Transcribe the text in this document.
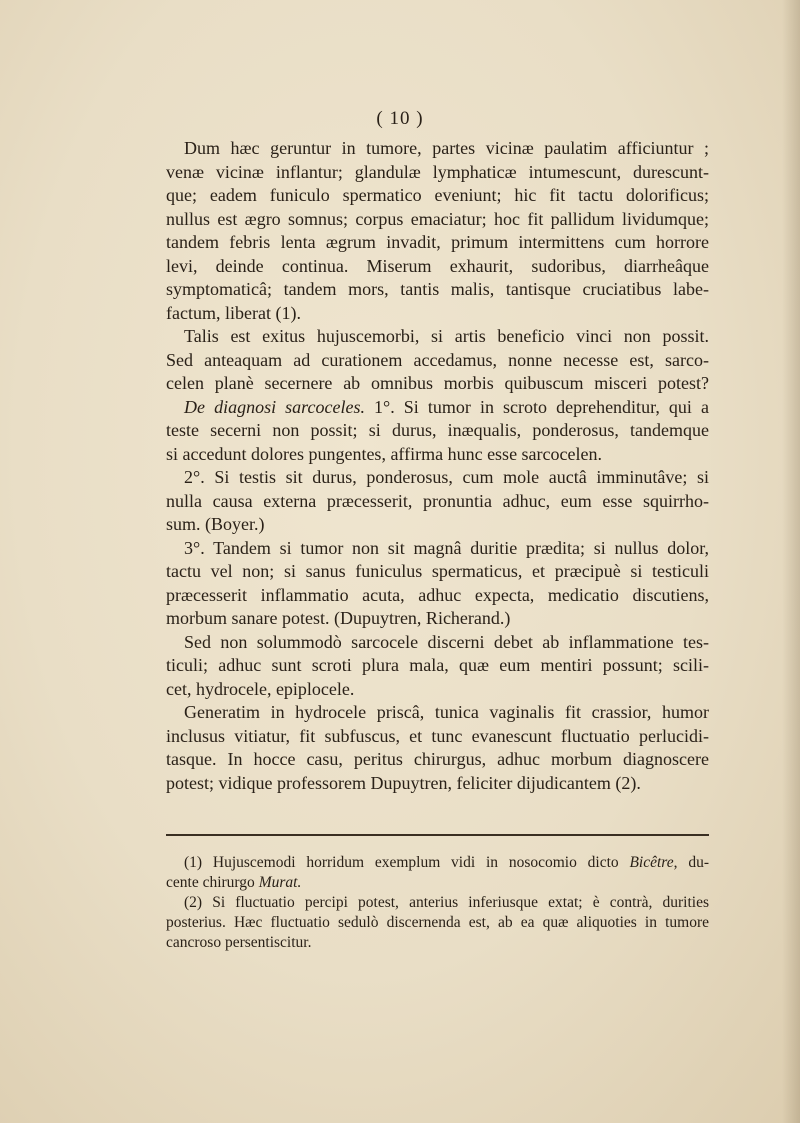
( 10 )
Dum hæc geruntur in tumore, partes vicinæ paulatim afficiuntur ;
venæ vicinæ inflantur; glandulæ lymphaticæ intumescunt, durescunt-
que; eadem funiculo spermatico eveniunt; hic fit tactu dolorificus;
nullus est ægro somnus; corpus emaciatur; hoc fit pallidum lividumque;
tandem febris lenta ægrum invadit, primum intermittens cum horrore
levi, deinde continua. Miserum exhaurit, sudoribus, diarrheâque
symptomaticâ; tandem mors, tantis malis, tantisque cruciatibus labe-
factum, liberat (1).
Talis est exitus hujuscemorbi, si artis beneficio vinci non possit.
Sed anteaquam ad curationem accedamus, nonne necesse est, sarco-
celen planè secernere ab omnibus morbis quibuscum misceri potest?
De diagnosi sarcoceles. 1°. Si tumor in scroto deprehenditur, qui a
teste secerni non possit; si durus, inæqualis, ponderosus, tandemque
si accedunt dolores pungentes, affirma hunc esse sarcocelen.
2°. Si testis sit durus, ponderosus, cum mole auctâ imminutâve; si
nulla causa externa præcesserit, pronuntia adhuc, eum esse squirrho-
sum. (Boyer.)
3°. Tandem si tumor non sit magnâ duritie prædita; si nullus dolor,
tactu vel non; si sanus funiculus spermaticus, et præcipuè si testiculi
præcesserit inflammatio acuta, adhuc expecta, medicatio discutiens,
morbum sanare potest. (Dupuytren, Richerand.)
Sed non solummodò sarcocele discerni debet ab inflammatione tes-
ticuli; adhuc sunt scroti plura mala, quæ eum mentiri possunt; scili-
cet, hydrocele, epiplocele.
Generatim in hydrocele priscâ, tunica vaginalis fit crassior, humor
inclusus vitiatur, fit subfuscus, et tunc evanescunt fluctuatio perlucidi-
tasque. In hocce casu, peritus chirurgus, adhuc morbum diagnoscere
potest; vidique professorem Dupuytren, feliciter dijudicantem (2).
(1) Hujuscemodi horridum exemplum vidi in nosocomio dicto Bicêtre, du-
cente chirurgo Murat.
(2) Si fluctuatio percipi potest, anterius inferiusque extat; è contrà, durities
posterius. Hæc fluctuatio sedulò discernenda est, ab ea quæ aliquoties in tumore
cancroso persentiscitur.
